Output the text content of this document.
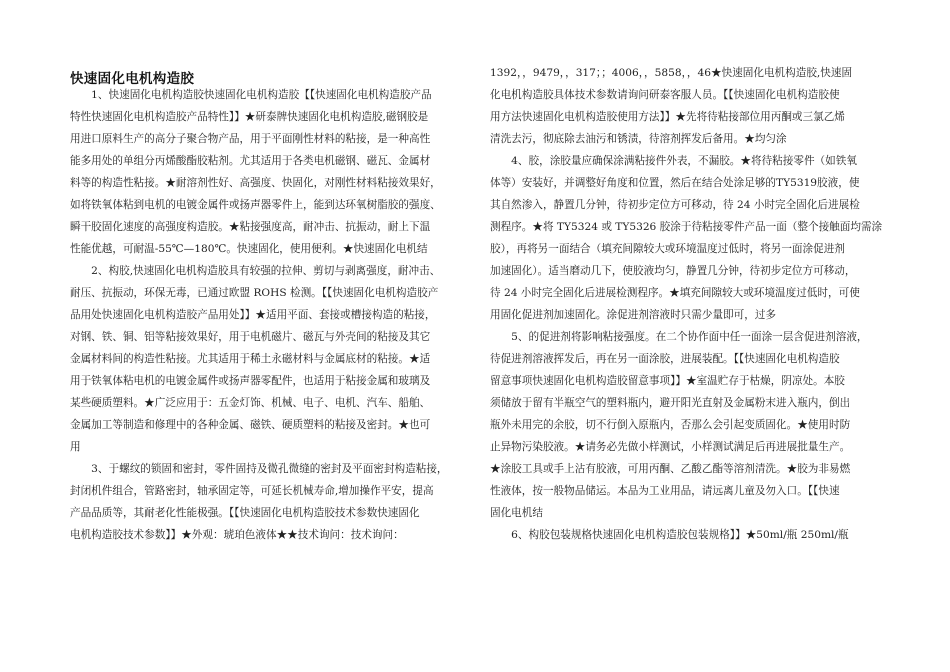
快速固化电机构造胶
　　1、快速固化电机构造胶快速固化电机构造胶【【快速固化电机构造胶产品
特性快速固化电机构造胶产品特性】】★研泰牌快速固化电机构造胶,磁钢胶是
用进口原料生产的高分子聚合物产品，用于平面刚性材料的粘接，是一种高性
能多用处的单组分丙烯酸酯胶粘剂。尤其适用于各类电机磁钢、磁瓦、金属材
料等的构造性粘接。★耐溶剂性好、高强度、快固化，对刚性材料粘接效果好，
如将铁氧体粘到电机的电镀金属件或扬声器零件上，能到达环氧树脂胶的强度、
瞬干胶固化速度的高强度构造胶。★粘接强度高，耐冲击、抗振动，耐上下温
性能优越，可耐温-55℃—180℃。快速固化，使用便利。★快速固化电机结
　　2、构胶,快速固化电机构造胶具有较强的拉伸、剪切与剥离强度，耐冲击、
耐压、抗振动，环保无毒，已通过欧盟 ROHS 检测。【【快速固化电机构造胶产
品用处快速固化电机构造胶产品用处】】★适用平面、套接或槽接构造的粘接，
对钢、铁、铜、铝等粘接效果好，用于电机磁片、磁瓦与外壳间的粘接及其它
金属材料间的构造性粘接。尤其适用于稀土永磁材料与金属底材的粘接。★适
用于铁氧体粘电机的电镀金属件或扬声器零配件，也适用于粘接金属和玻璃及
某些硬质塑料。★广泛应用于：五金灯饰、机械、电子、电机、汽车、船舶、
金属加工等制造和修理中的各种金属、磁铁、硬质塑料的粘接及密封。★也可
用
　　3、于螺纹的锁固和密封，零件固持及微孔微缝的密封及平面密封构造粘接，
封闭机件组合，管路密封，轴承固定等，可延长机械寿命,增加操作平安，提高
产品品质等，其耐老化性能极强。【【快速固化电机构造胶技术参数快速固化
电机构造胶技术参数】】★外观：琥珀色液体★★技术询问：技术询问：
1392，，9479，，317；；4006，，5858，，46★快速固化电机构造胶,快速固
化电机构造胶具体技术参数请询问研泰客服人员。【【快速固化电机构造胶使
用方法快速固化电机构造胶使用方法】】★先将待粘接部位用丙酮或三氯乙烯
清洗去污，彻底除去油污和锈渍，待溶剂挥发后备用。★均匀涂
　　4、胶，涂胶量应确保涂满粘接件外表，不漏胶。★将待粘接零件（如铁氧
体等）安装好，并调整好角度和位置，然后在结合处涂足够的TY5319胶液，使
其自然渗入，静置几分钟，待初步定位方可移动，待 24 小时完全固化后进展检
测程序。★将 TY5324 或 TY5326 胶涂于待粘接零件产品一面（整个接触面均需涂
胶），再将另一面结合（填充间隙较大或环境温度过低时，将另一面涂促进剂
加速固化）。适当磨动几下，使胶液均匀，静置几分钟，待初步定位方可移动，
待 24 小时完全固化后进展检测程序。★填充间隙较大或环境温度过低时，可使
用固化促进剂加速固化。涂促进剂溶液时只需少量即可，过多
　　5、的促进剂将影响粘接强度。在二个协作面中任一面涂一层含促进剂溶液，
待促进剂溶液挥发后，再在另一面涂胶，进展装配。【【快速固化电机构造胶
留意事项快速固化电机构造胶留意事项】】★室温贮存于枯燥，阴凉处。本胶
须储放于留有半瓶空气的塑料瓶内，避开阳光直射及金属粉末进入瓶内，倒出
瓶外未用完的余胶，切不行倒入原瓶内，否那么会引起变质固化。★使用时防
止异物污染胶液。★请务必先做小样测试，小样测试满足后再进展批量生产。
★涂胶工具或手上沾有胶液，可用丙酮、乙酸乙酯等溶剂清洗。★胶为非易燃
性液体，按一般物品储运。本品为工业用品，请远离儿童及勿入口。【【快速
固化电机结
　　6、构胶包装规格快速固化电机构造胶包装规格】】★50ml/瓶 250ml/瓶
